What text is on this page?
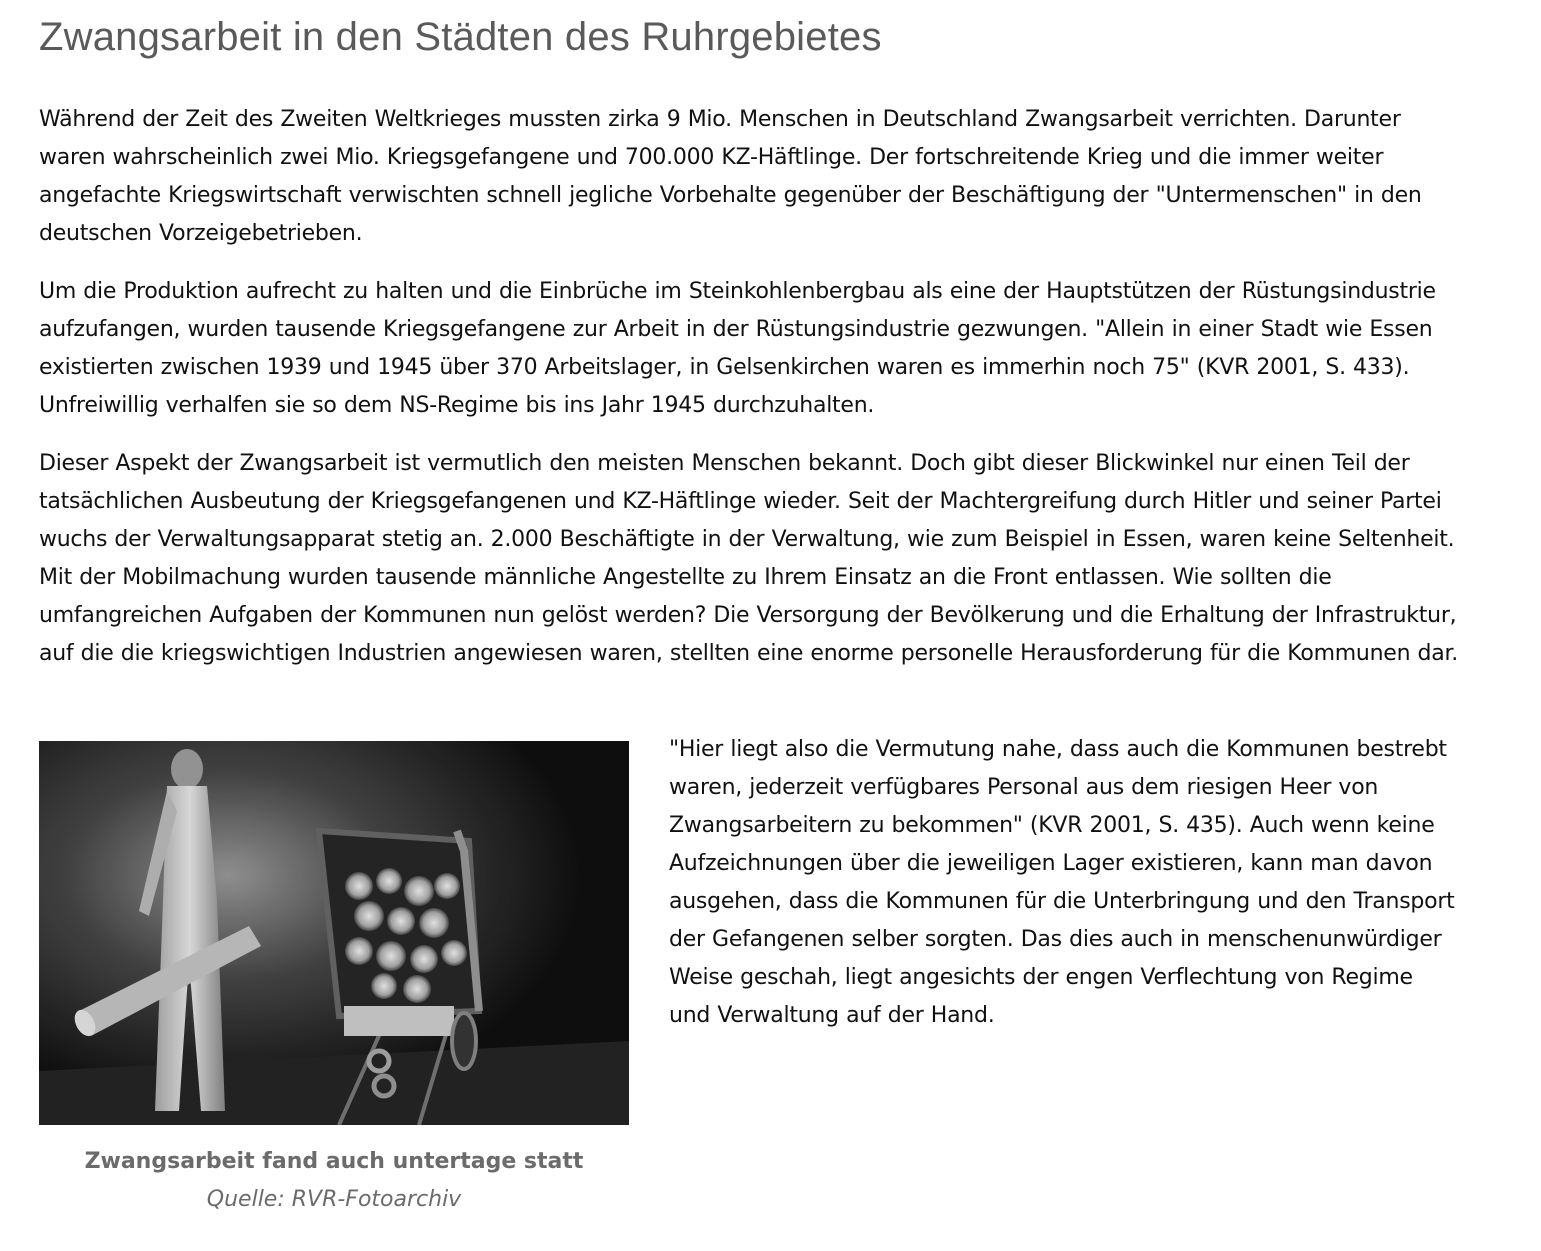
Zwangsarbeit in den Städten des Ruhrgebietes

Während der Zeit des Zweiten Weltkrieges mussten zirka 9 Mio. Menschen in Deutschland Zwangsarbeit verrichten. Darunter waren wahrscheinlich zwei Mio. Kriegsgefangene und 700.000 KZ-Häftlinge. Der fortschreitende Krieg und die immer weiter angefachte Kriegswirtschaft verwischten schnell jegliche Vorbehalte gegenüber der Beschäftigung der "Untermenschen" in den deutschen Vorzeigebetrieben.

Um die Produktion aufrecht zu halten und die Einbrüche im Steinkohlenbergbau als eine der Hauptstützen der Rüstungsindustrie aufzufangen, wurden tausende Kriegsgefangene zur Arbeit in der Rüstungsindustrie gezwungen. "Allein in einer Stadt wie Essen existierten zwischen 1939 und 1945 über 370 Arbeitslager, in Gelsenkirchen waren es immerhin noch 75" (KVR 2001, S. 433). Unfreiwillig verhalfen sie so dem NS-Regime bis ins Jahr 1945 durchzuhalten.

Dieser Aspekt der Zwangsarbeit ist vermutlich den meisten Menschen bekannt. Doch gibt dieser Blickwinkel nur einen Teil der tatsächlichen Ausbeutung der Kriegsgefangenen und KZ-Häftlinge wieder. Seit der Machtergreifung durch Hitler und seiner Partei wuchs der Verwaltungsapparat stetig an. 2.000 Beschäftigte in der Verwaltung, wie zum Beispiel in Essen, waren keine Seltenheit. Mit der Mobilmachung wurden tausende männliche Angestellte zu Ihrem Einsatz an die Front entlassen. Wie sollten die umfangreichen Aufgaben der Kommunen nun gelöst werden? Die Versorgung der Bevölkerung und die Erhaltung der Infrastruktur, auf die die kriegswichtigen Industrien angewiesen waren, stellten eine enorme personelle Herausforderung für die Kommunen dar.

Zwangsarbeit fand auch untertage statt
Quelle: RVR-Fotoarchiv

"Hier liegt also die Vermutung nahe, dass auch die Kommunen bestrebt waren, jederzeit verfügbares Personal aus dem riesigen Heer von Zwangsarbeitern zu bekommen" (KVR 2001, S. 435). Auch wenn keine Aufzeichnungen über die jeweiligen Lager existieren, kann man davon ausgehen, dass die Kommunen für die Unterbringung und den Transport der Gefangenen selber sorgten. Das dies auch in menschenunwürdiger Weise geschah, liegt angesichts der engen Verflechtung von Regime und Verwaltung auf der Hand.
